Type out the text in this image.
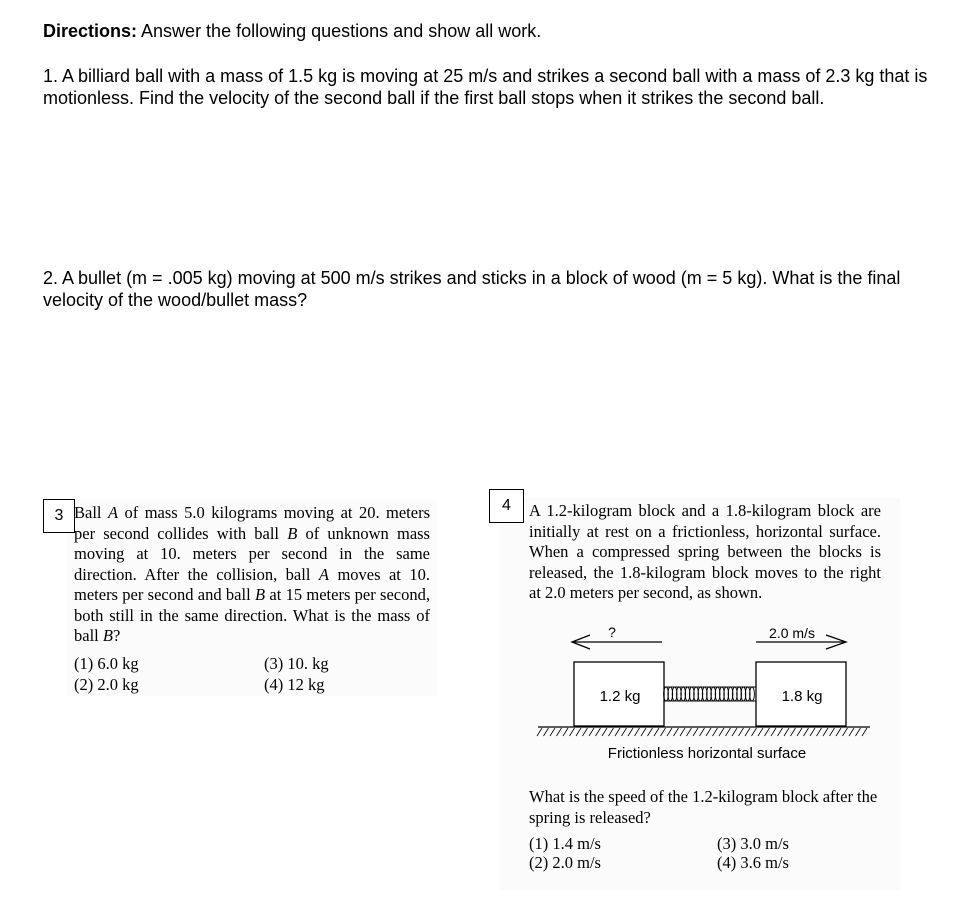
Directions: Answer the following questions and show all work.
1. A billiard ball with a mass of 1.5 kg is moving at 25 m/s and strikes a second ball with a mass of 2.3 kg that is motionless. Find the velocity of the second ball if the first ball stops when it strikes the second ball.
2. A bullet (m = .005 kg) moving at 500 m/s strikes and sticks in a block of wood (m = 5 kg). What is the final velocity of the wood/bullet mass?
3 Ball A of mass 5.0 kilograms moving at 20. meters per second collides with ball B of unknown mass moving at 10. meters per second in the same direction. After the collision, ball A moves at 10. meters per second and ball B at 15 meters per second, both still in the same direction. What is the mass of ball B?
(1) 6.0 kg
(2) 2.0 kg
(3) 10. kg
(4) 12 kg
4	A 1.2-kilogram block and a 1.8-kilogram block are initially at rest on a frictionless, horizontal surface. When a compressed spring between the blocks is released, the 1.8-kilogram block moves to the right at 2.0 meters per second, as shown.
?	2.0 m/s
1.2 kg	1.8 kg
Frictionless horizontal surface
What is the speed of the 1.2-kilogram block after the spring is released?
(1) 1.4 m/s
(2) 2.0 m/s
(3) 3.0 m/s
(4) 3.6 m/s
